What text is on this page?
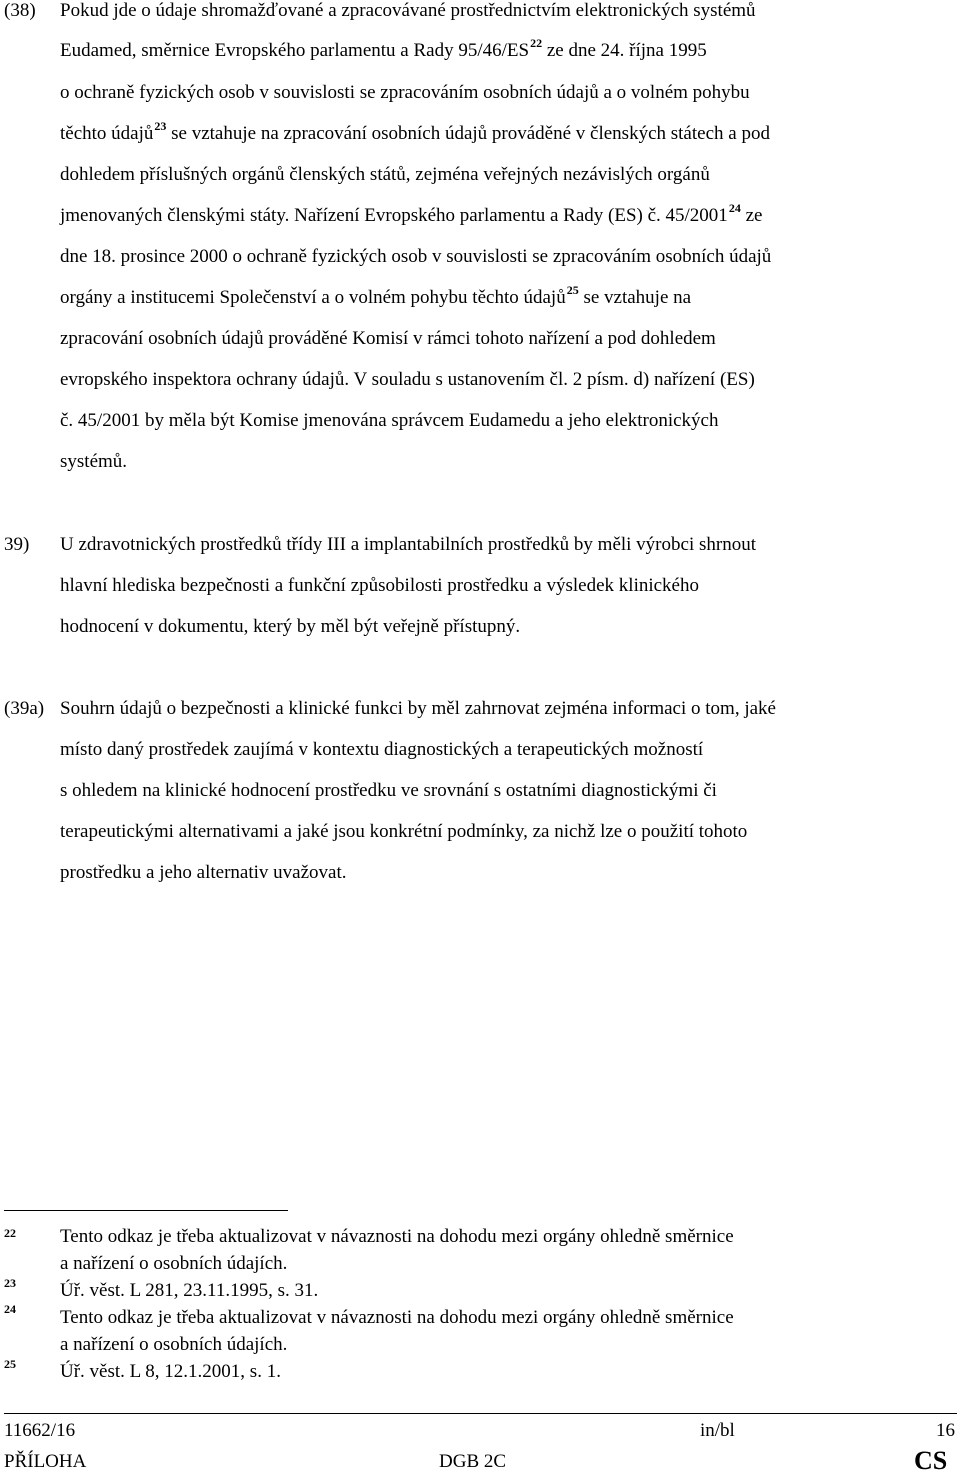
(38) Pokud jde o údaje shromažďované a zpracovávané prostřednictvím elektronických systémů
Eudamed, směrnice Evropského parlamentu a Rady 95/46/ES$^{22}$ ze dne 24. října 1995
o ochraně fyzických osob v souvislosti se zpracováním osobních údajů a o volném pohybu
těchto údajů$^{23}$ se vztahuje na zpracování osobních údajů prováděné v členských státech a pod
dohledem příslušných orgánů členských států, zejména veřejných nezávislých orgánů
jmenovaných členskými státy. Nařízení Evropského parlamentu a Rady (ES) č. 45/2001$^{24}$ ze
dne 18. prosince 2000 o ochraně fyzických osob v souvislosti se zpracováním osobních údajů
orgány a institucemi Společenství a o volném pohybu těchto údajů$^{25}$ se vztahuje na
zpracování osobních údajů prováděné Komisí v rámci tohoto nařízení a pod dohledem
evropského inspektora ochrany údajů. V souladu s ustanovením čl. 2 písm. d) nařízení (ES)
č. 45/2001 by měla být Komise jmenována správcem Eudamedu a jeho elektronických
systémů.
39) U zdravotnických prostředků třídy III a implantabilních prostředků by měli výrobci shrnout
hlavní hlediska bezpečnosti a funkční způsobilosti prostředku a výsledek klinického
hodnocení v dokumentu, který by měl být veřejně přístupný.
(39a) Souhrn údajů o bezpečnosti a klinické funkci by měl zahrnovat zejména informaci o tom, jaké
místo daný prostředek zaujímá v kontextu diagnostických a terapeutických možností
s ohledem na klinické hodnocení prostředku ve srovnání s ostatními diagnostickými či
terapeutickými alternativami a jaké jsou konkrétní podmínky, za nichž lze o použití tohoto
prostředku a jeho alternativ uvažovat.
22 Tento odkaz je třeba aktualizovat v návaznosti na dohodu mezi orgány ohledně směrnice
a nařízení o osobních údajích.
23 Úř. věst. L 281, 23.11.1995, s. 31.
24 Tento odkaz je třeba aktualizovat v návaznosti na dohodu mezi orgány ohledně směrnice
a nařízení o osobních údajích.
25 Úř. věst. L 8, 12.1.2001, s. 1.
11662/16	in/bl	16
PŘÍLOHA	DGB 2C	CS
